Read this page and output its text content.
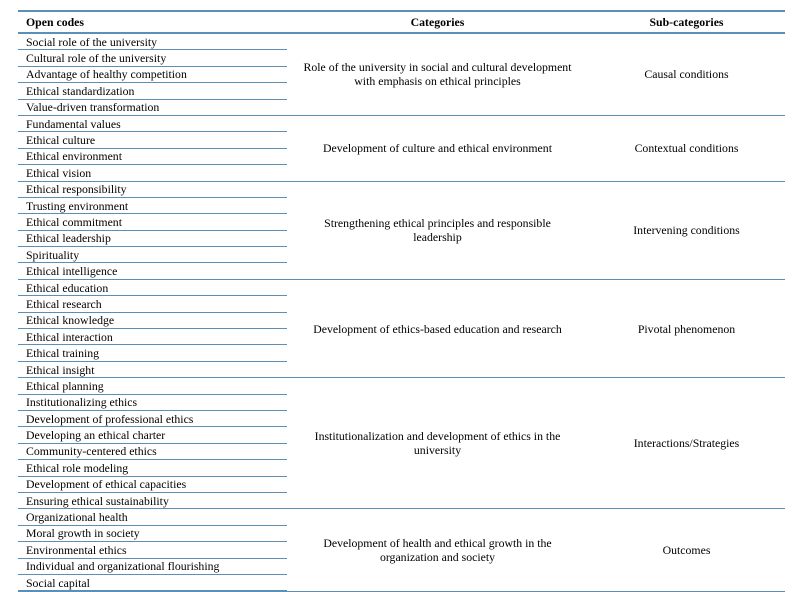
Open codes	Categories	Sub-categories
Social role of the university	Role of the university in social and cultural development with emphasis on ethical principles	Causal conditions
Cultural role of the university		
Advantage of healthy competition		
Ethical standardization		
Value-driven transformation		
Fundamental values	Development of culture and ethical environment	Contextual conditions
Ethical culture		
Ethical environment		
Ethical vision		
Ethical responsibility	Strengthening ethical principles and responsible leadership	Intervening conditions
Trusting environment		
Ethical commitment		
Ethical leadership		
Spirituality		
Ethical intelligence		
Ethical education	Development of ethics-based education and research	Pivotal phenomenon
Ethical research		
Ethical knowledge		
Ethical interaction		
Ethical training		
Ethical insight		
Ethical planning	Institutionalization and development of ethics in the university	Interactions/Strategies
Institutionalizing ethics		
Development of professional ethics		
Developing an ethical charter		
Community-centered ethics		
Ethical role modeling		
Development of ethical capacities		
Ensuring ethical sustainability		
Organizational health	Development of health and ethical growth in the organization and society	Outcomes
Moral growth in society		
Environmental ethics		
Individual and organizational flourishing		
Social capital		
